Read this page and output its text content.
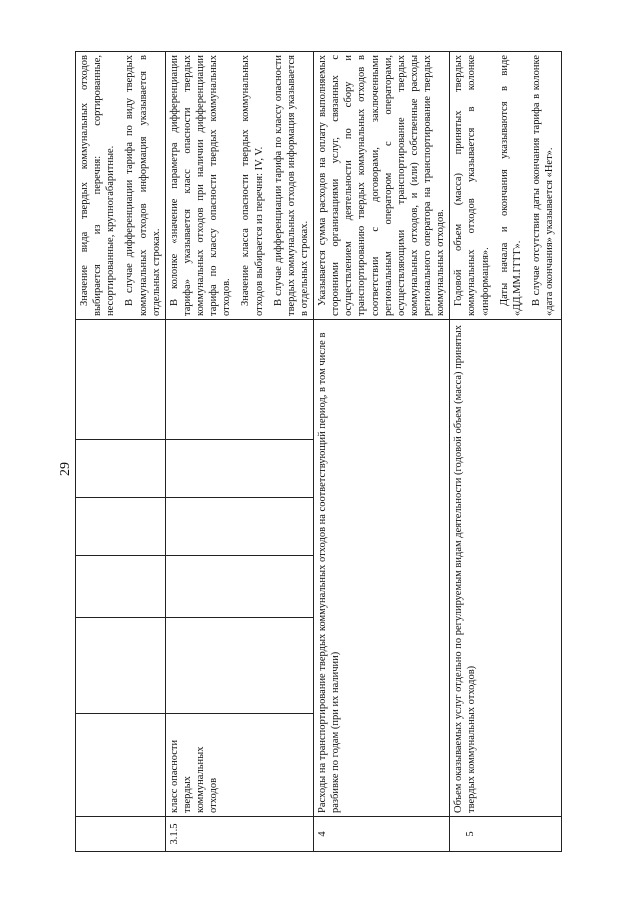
29

							Значение вида твердых коммунальных отходов выбирается из перечня: сортированные, несортированные, крупногабаритные. В случае дифференциации тарифа по виду твердых коммунальных отходов информация указывается в отдельных строках.

3.1.5	класс опасности твердых коммунальных отходов						В колонке «значение параметра дифференциации тарифа» указывается класс опасности твердых коммунальных отходов при наличии дифференциации тарифа по классу опасности твердых коммунальных отходов. Значение класса опасности твердых коммунальных отходов выбирается из перечня: IV, V. В случае дифференциации тарифа по классу опасности твердых коммунальных отходов информация указывается в отдельных строках.

4	Расходы на транспортирование твердых коммунальных отходов на соответствующий период, в том числе в разбивке по годам (при их наличии)						Указывается сумма расходов на оплату выполняемых сторонними организациями услуг, связанных с осуществлением деятельности по сбору и транспортированию твердых коммунальных отходов в соответствии с договорами, заключенными региональным оператором с операторами, осуществляющими транспортирование твердых коммунальных отходов, и (или) собственные расходы регионального оператора на транспортирование твердых коммунальных отходов.

5	Объем оказываемых услуг отдельно по регулируемым видам деятельности (годовой объем (масса) принятых твердых коммунальных отходов)						Годовой объем (масса) принятых твердых коммунальных отходов указывается в колонке «информация». Даты начала и окончания указываются в виде «ДД.ММ.ГГГГ». В случае отсутствия даты окончания тарифа в колонке «дата окончания» указывается «Нет».
